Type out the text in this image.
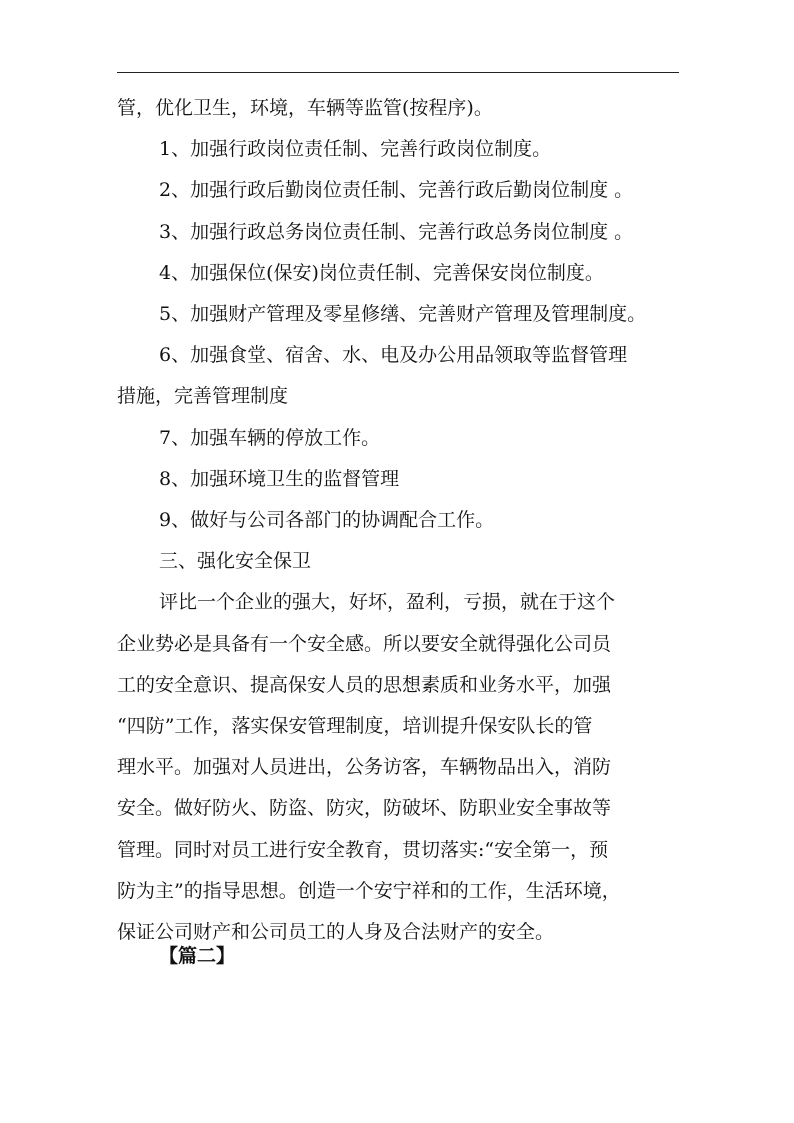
管，优化卫生，环境，车辆等监管(按程序)。

1、加强行政岗位责任制、完善行政岗位制度。

2、加强行政后勤岗位责任制、完善行政后勤岗位制度 。

3、加强行政总务岗位责任制、完善行政总务岗位制度 。

4、加强保位(保安)岗位责任制、完善保安岗位制度。

5、加强财产管理及零星修缮、完善财产管理及管理制度。

6、加强食堂、宿舍、水、电及办公用品领取等监督管理

措施，完善管理制度

7、加强车辆的停放工作。

8、加强环境卫生的监督管理

9、做好与公司各部门的协调配合工作。

三、强化安全保卫

评比一个企业的强大，好坏，盈利，亏损，就在于这个

企业势必是具备有一个安全感。所以要安全就得强化公司员

工的安全意识、提高保安人员的思想素质和业务水平，加强

“四防”工作，落实保安管理制度，培训提升保安队长的管

理水平。加强对人员进出，公务访客，车辆物品出入，消防

安全。做好防火、防盗、防灾，防破坏、防职业安全事故等

管理。同时对员工进行安全教育，贯切落实:“安全第一，预

防为主”的指导思想。创造一个安宁祥和的工作，生活环境，

保证公司财产和公司员工的人身及合法财产的安全。

【篇二】
